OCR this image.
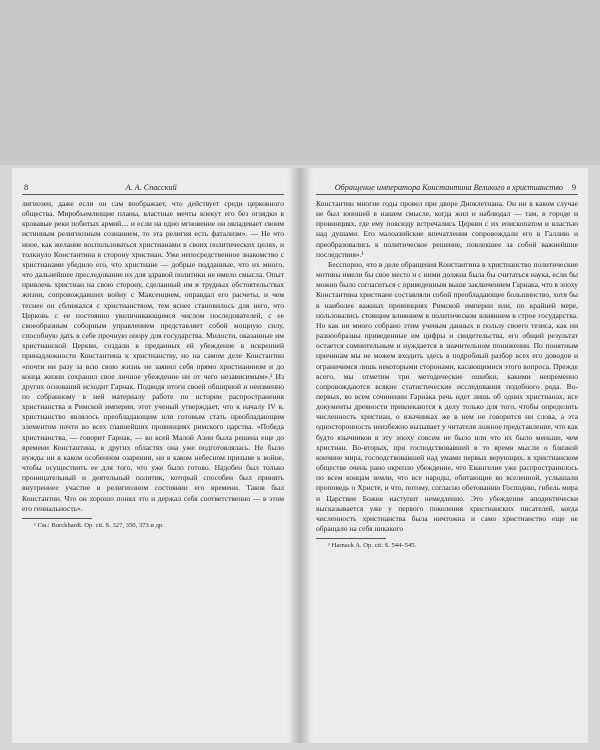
8	А. А. Спасский

лигиозен, даже если он сам воображает, что действует среди церковного общества. Миробъемлющие планы, властные мечты влекут его без оглядки в кровавые реки пoбитых армий… и если на одно мгновение он овладевает своим истинным религиозным сознанием, то эта религия есть фатализм». — Не что иное, как желание воспользоваться христианами в своих политических целях, и толкнуло Константина в сторону христиан. Уже непосредственное знакомство с христианами убедило его, что христиане — добрые подданные, что их много, что дальнейшее преследование их для здравой политики не имело смысла. Опыт привлечь христиан на свою сторону, сделанный им в трудных обстоятельствах жизни, сопровождавших войну с Максенцием, оправдал его расчеты, и чем теснее он сближался с христианством, тем яснее становилось для него, что Церковь с ее постоянно увеличивающимся числом последователей, с ее своеобразным соборным управлением представляет собой мощную силу, способную дать в себе прочную опору для государства. Милости, оказанные им христианской Церкви, создали в преданных ей убеждение в искренней принадлежности Константина к христианству, но на самом деле Константин «почти ни разу за всю свою жизнь не заявил себя прямо христианином и до конца жизни сохранил свое личное убеждение ни от чего независимым».¹ Из других оснований исходит Гарнак. Подводя итоги своей обширной и неизменно по собранному в ней материалу работе по истории распространения христианства в Римской империи, этот ученый утверждает, что к началу IV в. христианство являлось преобладающим или готовым стать преобладающим элементом почти во всех главнейших провинциях римского царства. «Победа христианства, — говорит Гарнак, — во всей Малой Азии была решена еще до времени Константина, в других областях она уже подготовлялась. Не было нужды ни в каком особенном озарении, ни в каком небесном призыве к войне, чтобы осуществить ее для того, что уже было готово. Надобен был только проницательный и деятельный политик, который способен был принять внутреннее участие в религиозном состоянии его времени. Таков был Константин. Что он хорошо понял это и держал себя соответственно — в этом его гениальность».

¹ См.: Burckhardt. Op. cit. S. 327, 350, 373 и др.
Обращение императора Константина Великого в христианство 9

Константин многие годы провел при дворе Диоклетиана. Он ни в каком случае не был юношей в нашем смысле, когда жил и наблюдал — там, в городе и провинциях, где ему повсюду встречались Церкви с их епископатом и властью над душами. Его малоазийские впечатления сопровождали его в Галлию и преобразовались в политическое решение, повлекшее за собой важнейшие последствия».¹

Бесспорно, что в деле обращения Константина в христианство политические мотивы имели бы свое место и с ними должна была бы считаться наука, если бы можно было согласиться с приведенным выше заключением Гарнака, что в эпоху Константина христиане составляли собой преобладающее большинство, хотя бы в наиболее важных провинциях Римской империи или, по крайней мере, пользовались стоящим влиянием в политическом влиянием в строе государства. Но как ни много собрано этим ученым данных в пользу своего тезиса, как ни разнообразны приведенные им цифры и свидетельства, его общий результат остается сомнительным и нуждается в значительном понижении. По понятным причинам мы не можем входить здесь в подробный разбор всех его доводов и ограничимся лишь некоторыми сторонами, касающимися этого вопроса. Прежде всего, мы отметим три методические ошибки, какими непременно сопровождаются всякие статистические исследования подобного рода. Во-первых, во всем сочинении Гарнака речь идет лишь об одних христианах, все документы древности привлекаются к делу только для того, чтобы определить численность христиан, о язычниках же в нем не говорится ни слова, а эта односторонность неизбежно вызывает у читателя ложное представление, что как будто язычников в эту эпоху совсем не было или что их было меньше, чем христиан. Во-вторых, при господствовавшей в то время мысли о близкой кончине мира, господствовавшей над умами первых верующих, в христианском обществе очень рано окрепло убеждение, что Евангелие уже распространилось по всем концам земли, что все народы, обитающие во вселенной, услышали проповедь о Христе, и что, потому, согласно обетованию Господню, гибель мира и Царствие Божие наступит немедленно. Это убеждение аподиктически высказывается уже у первого поколения христианских писателей, когда численность христианства была ничтожна и само христианство еще не обращало на себя никакого

¹ Harnack A. Op. cit. S. 544–545.
